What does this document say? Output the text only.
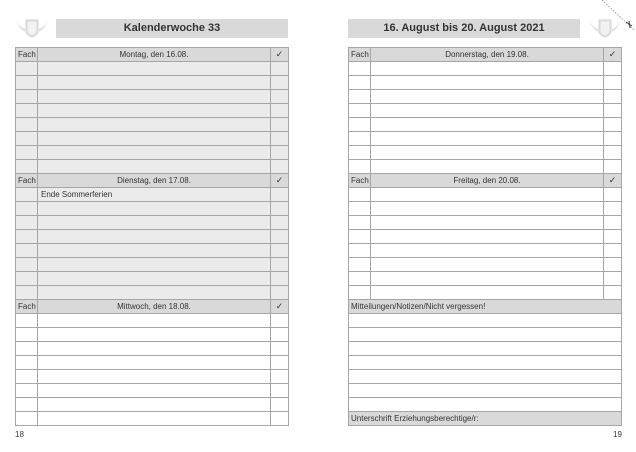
Kalenderwoche 33
Fach	Montag, den 16.08.	✓

Fach	Dienstag, den 17.08.	✓
	Ende Sommerferien	

Fach	Mittwoch, den 18.08.	✓

18
16. August bis 20. August 2021
Fach	Donnerstag, den 19.08.	✓

Fach	Freitag, den 20.08.	✓

Mitteilungen/Notizen/Nicht vergessen!		

Unterschrift Erziehungsberechtige/r:		
19
